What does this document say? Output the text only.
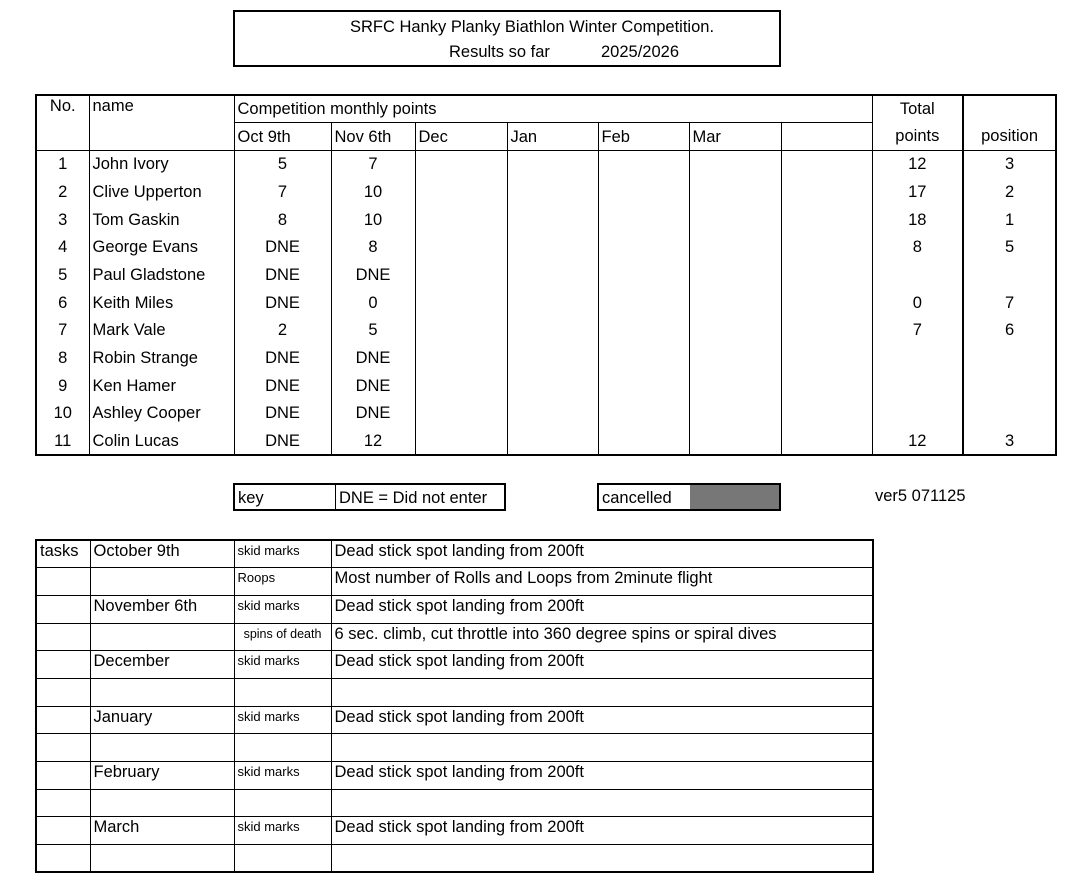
SRFC Hanky Planky Biathlon Winter Competition.
Results so far	2025/2026
No.	name	Competition monthly points							Total	
		Oct 9th	Nov 6th	Dec	Jan	Feb	Mar		points	position
1	John Ivory	5	7						12	3
2	Clive Upperton	7	10						17	2
3	Tom Gaskin	8	10						18	1
4	George Evans	DNE	8						8	5
5	Paul Gladstone	DNE	DNE							
6	Keith Miles	DNE	0						0	7
7	Mark Vale	2	5						7	6
8	Robin Strange	DNE	DNE							
9	Ken Hamer	DNE	DNE							
10	Ashley Cooper	DNE	DNE							
11	Colin Lucas	DNE	12						12	3
key	DNE = Did not enter	cancelled	ver5 071125
tasks	October 9th	skid marks	Dead stick spot landing from 200ft
		Roops	Most number of Rolls and Loops from 2minute flight
	November 6th	skid marks	Dead stick spot landing from 200ft
		spins of death	6 sec. climb, cut throttle into 360 degree spins or spiral dives
	December	skid marks	Dead stick spot landing from 200ft

	January	skid marks	Dead stick spot landing from 200ft

	February	skid marks	Dead stick spot landing from 200ft

	March	skid marks	Dead stick spot landing from 200ft
